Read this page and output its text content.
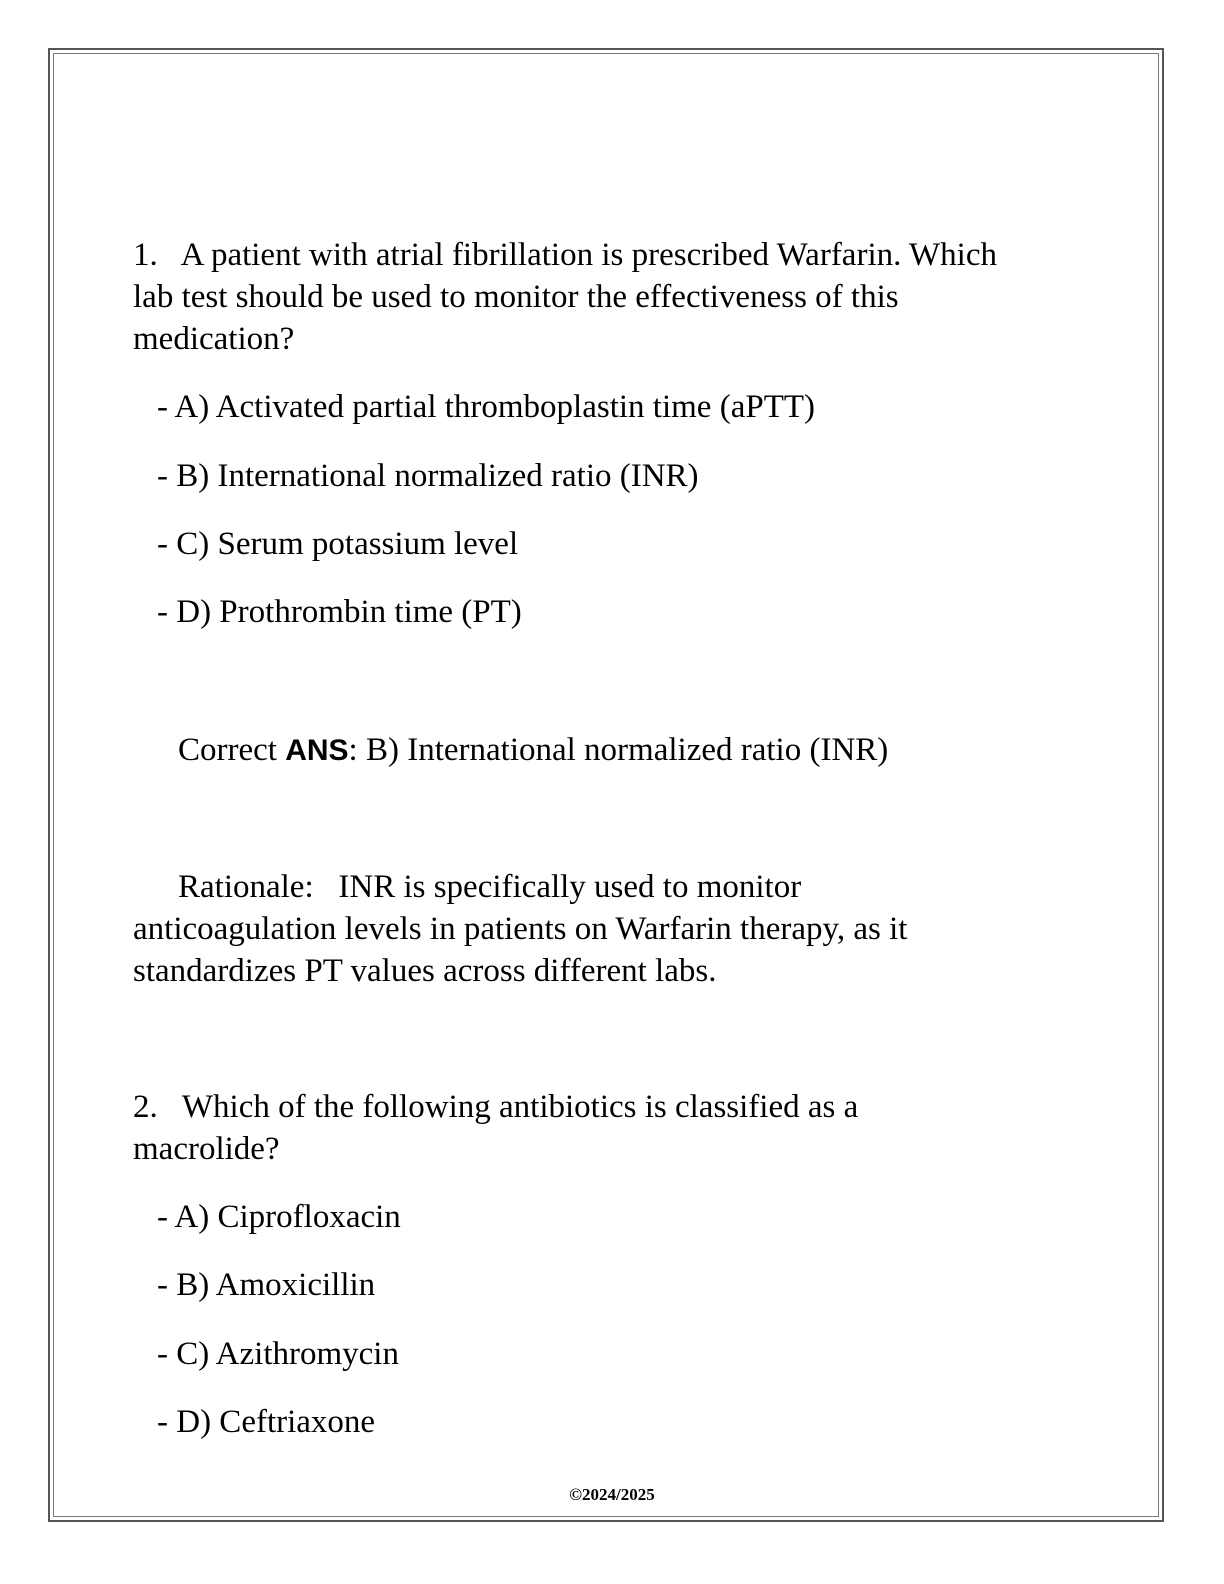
1.   A patient with atrial fibrillation is prescribed Warfarin. Which

lab test should be used to monitor the effectiveness of this

medication?

- A) Activated partial thromboplastin time (aPTT)

- B) International normalized ratio (INR)

- C) Serum potassium level

- D) Prothrombin time (PT)

Correct ANS: B) International normalized ratio (INR)

Rationale:   INR is specifically used to monitor

anticoagulation levels in patients on Warfarin therapy, as it

standardizes PT values across different labs.

2.   Which of the following antibiotics is classified as a

macrolide?

- A) Ciprofloxacin

- B) Amoxicillin

- C) Azithromycin

- D) Ceftriaxone

©2024/2025
